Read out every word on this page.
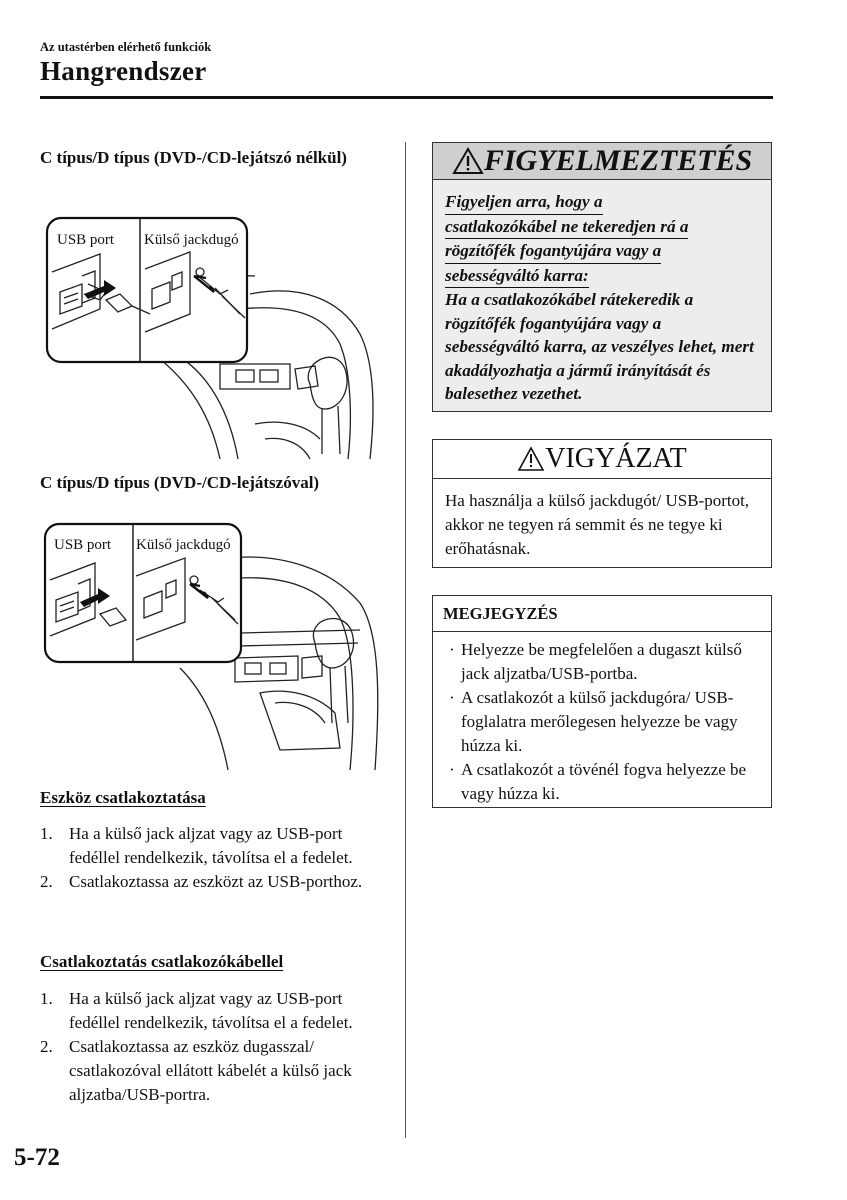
Az utastérben elérhető funkciók
Hangrendszer
C típus/D típus (DVD-/CD-lejátszó nélkül)
USB port Külső jackdugó
C típus/D típus (DVD-/CD-lejátszóval)
USB port Külső jackdugó
Eszköz csatlakoztatása
1. Ha a külső jack aljzat vagy az USB-port fedéllel rendelkezik, távolítsa el a fedelet.
2. Csatlakoztassa az eszközt az USB-porthoz.
Csatlakoztatás csatlakozókábellel
1. Ha a külső jack aljzat vagy az USB-port fedéllel rendelkezik, távolítsa el a fedelet.
2. Csatlakoztassa az eszköz dugasszal/ csatlakozóval ellátott kábelét a külső jack aljzatba/USB-portra.
FIGYELMEZTETÉS
Figyeljen arra, hogy a
csatlakozókábel ne tekeredjen rá a
rögzítőfék fogantyújára vagy a
sebességváltó karra:
Ha a csatlakozókábel rátekeredik a rögzítőfék fogantyújára vagy a sebességváltó karra, az veszélyes lehet, mert akadályozhatja a jármű irányítását és balesethez vezethet.
VIGYÁZAT
Ha használja a külső jackdugót/ USB-portot, akkor ne tegyen rá semmit és ne tegye ki erőhatásnak.
MEGJEGYZÉS
· Helyezze be megfelelően a dugaszt külső jack aljzatba/USB-portba.
· A csatlakozót a külső jackdugóra/ USB-foglalatra merőlegesen helyezze be vagy húzza ki.
· A csatlakozót a tövénél fogva helyezze be vagy húzza ki.
5-72
